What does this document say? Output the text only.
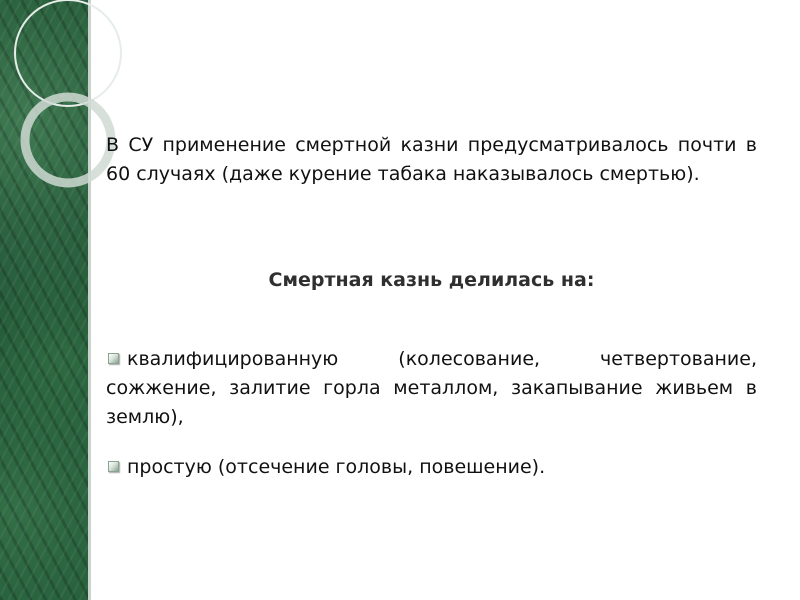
В СУ применение смертной казни предусматривалось почти в 60 случаях (даже курение табака наказывалось смертью).

Смертная казнь делилась на:

квалифицированную (колесование, четвертование, сожжение, залитие горла металлом, закапывание живьем в землю),
простую (отсечение головы, повешение).
